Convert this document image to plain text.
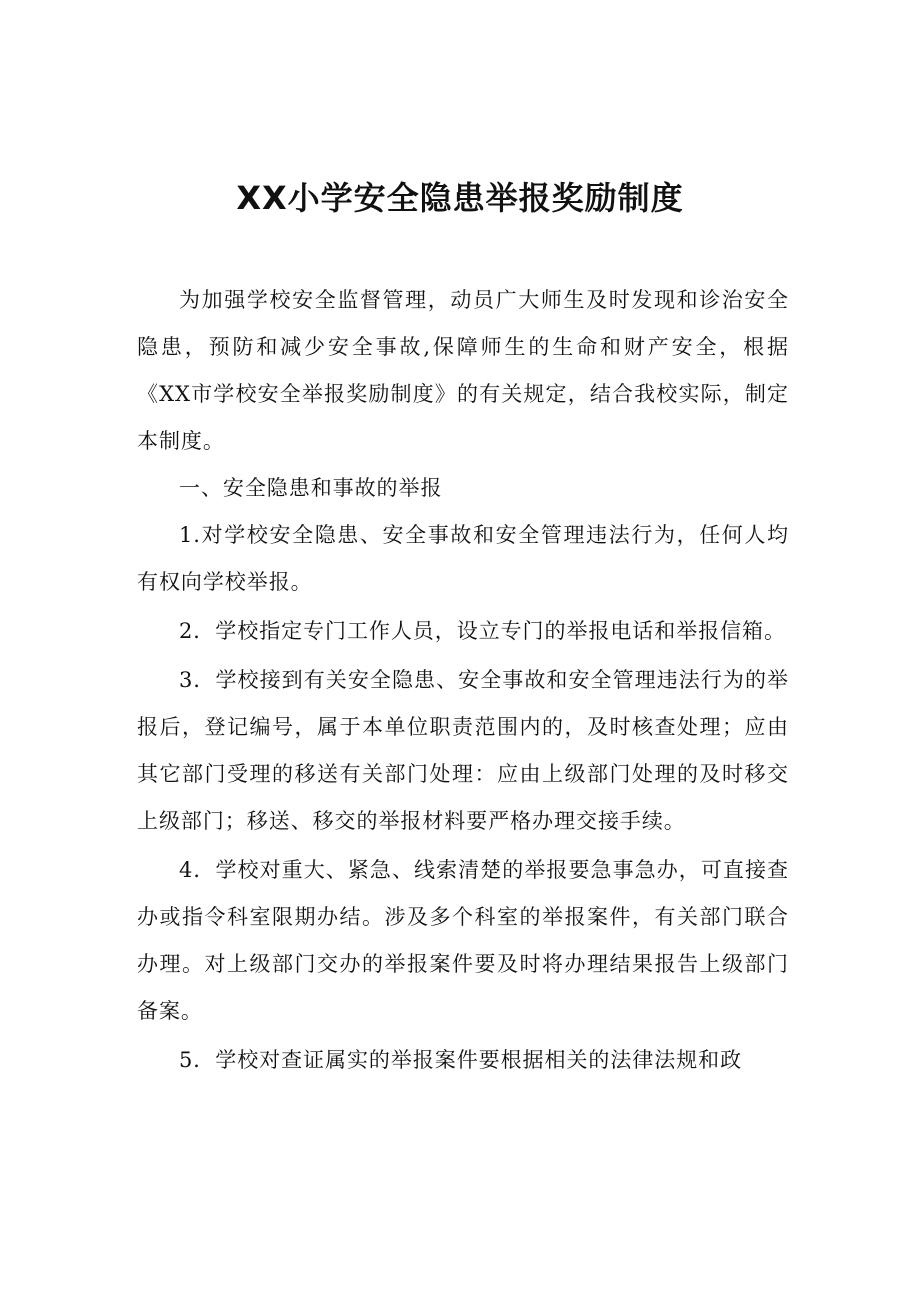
XX小学安全隐患举报奖励制度

为加强学校安全监督管理，动员广大师生及时发现和诊治安全隐患，预防和减少安全事故,保障师生的生命和财产安全，根据《XX市学校安全举报奖励制度》的有关规定，结合我校实际，制定本制度。

一、安全隐患和事故的举报

1.对学校安全隐患、安全事故和安全管理违法行为，任何人均有权向学校举报。

2．学校指定专门工作人员，设立专门的举报电话和举报信箱。

3．学校接到有关安全隐患、安全事故和安全管理违法行为的举报后，登记编号，属于本单位职责范围内的，及时核查处理；应由其它部门受理的移送有关部门处理：应由上级部门处理的及时移交上级部门；移送、移交的举报材料要严格办理交接手续。

4．学校对重大、紧急、线索清楚的举报要急事急办，可直接查办或指令科室限期办结。涉及多个科室的举报案件，有关部门联合办理。对上级部门交办的举报案件要及时将办理结果报告上级部门备案。

5．学校对查证属实的举报案件要根据相关的法律法规和政
